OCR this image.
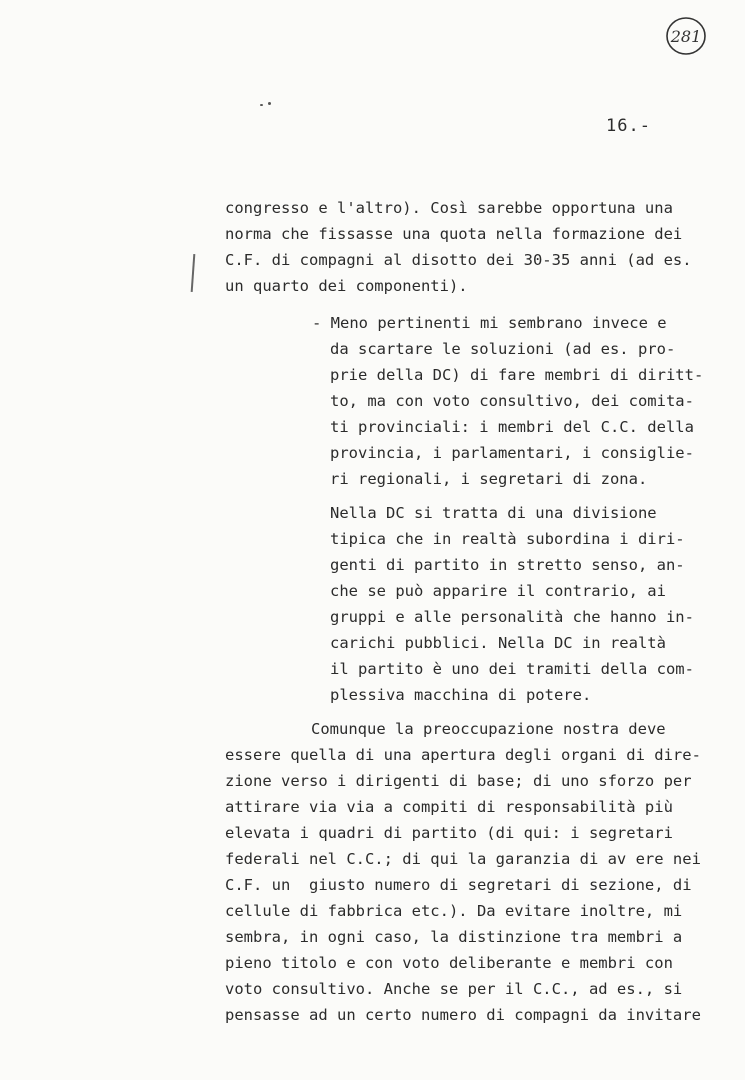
281
16.-
congresso e l'altro). Così sarebbe opportuna una
norma che fissasse una quota nella formazione dei
C.F. di compagni al disotto dei 30-35 anni (ad es.
un quarto dei componenti).
- Meno pertinenti mi sembrano invece e
da scartare le soluzioni (ad es. pro-
prie della DC) di fare membri di diritt-
to, ma con voto consultivo, dei comita-
ti provinciali: i membri del C.C. della
provincia, i parlamentari, i consiglie-
ri regionali, i segretari di zona.
Nella DC si tratta di una divisione
tipica che in realtà subordina i diri-
genti di partito in stretto senso, an-
che se può apparire il contrario, ai
gruppi e alle personalità che hanno in-
carichi pubblici. Nella DC in realtà
il partito è uno dei tramiti della com-
plessiva macchina di potere.
Comunque la preoccupazione nostra deve
essere quella di una apertura degli organi di dire-
zione verso i dirigenti di base; di uno sforzo per
attirare via via a compiti di responsabilità più
elevata i quadri di partito (di qui: i segretari
federali nel C.C.; di qui la garanzia di av ere nei
C.F. un  giusto numero di segretari di sezione, di
cellule di fabbrica etc.). Da evitare inoltre, mi
sembra, in ogni caso, la distinzione tra membri a
pieno titolo e con voto deliberante e membri con
voto consultivo. Anche se per il C.C., ad es., si
pensasse ad un certo numero di compagni da invitare
